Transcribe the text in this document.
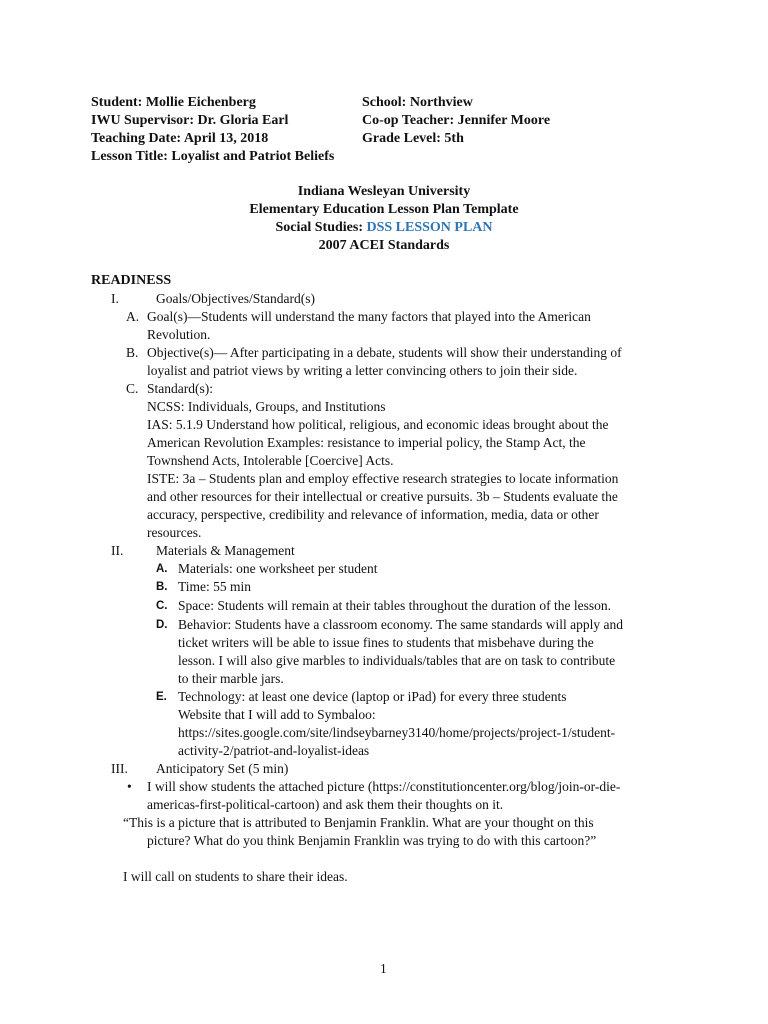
Student: Mollie Eichenberg	School: Northview
IWU Supervisor: Dr. Gloria Earl	Co-op Teacher: Jennifer Moore
Teaching Date: April 13, 2018	Grade Level: 5th
Lesson Title: Loyalist and Patriot Beliefs
Indiana Wesleyan University
Elementary Education Lesson Plan Template
Social Studies: DSS LESSON PLAN
2007 ACEI Standards
READINESS
I.	Goals/Objectives/Standard(s)
A. Goal(s)—Students will understand the many factors that played into the American
Revolution.
B. Objective(s)— After participating in a debate, students will show their understanding of
loyalist and patriot views by writing a letter convincing others to join their side.
C. Standard(s):
NCSS: Individuals, Groups, and Institutions
IAS: 5.1.9 Understand how political, religious, and economic ideas brought about the
American Revolution Examples: resistance to imperial policy, the Stamp Act, the
Townshend Acts, Intolerable [Coercive] Acts.
ISTE: 3a – Students plan and employ effective research strategies to locate information
and other resources for their intellectual or creative pursuits. 3b – Students evaluate the
accuracy, perspective, credibility and relevance of information, media, data or other
resources.
II. Materials & Management
A. Materials: one worksheet per student
B. Time: 55 min
C. Space: Students will remain at their tables throughout the duration of the lesson.
D. Behavior: Students have a classroom economy. The same standards will apply and
ticket writers will be able to issue fines to students that misbehave during the
lesson. I will also give marbles to individuals/tables that are on task to contribute
to their marble jars.
E. Technology: at least one device (laptop or iPad) for every three students
Website that I will add to Symbaloo:
https://sites.google.com/site/lindseybarney3140/home/projects/project-1/student-
activity-2/patriot-and-loyalist-ideas
III. Anticipatory Set (5 min)
• I will show students the attached picture (https://constitutioncenter.org/blog/join-or-die-
americas-first-political-cartoon) and ask them their thoughts on it.
“This is a picture that is attributed to Benjamin Franklin. What are your thought on this
picture? What do you think Benjamin Franklin was trying to do with this cartoon?”
I will call on students to share their ideas.
1
